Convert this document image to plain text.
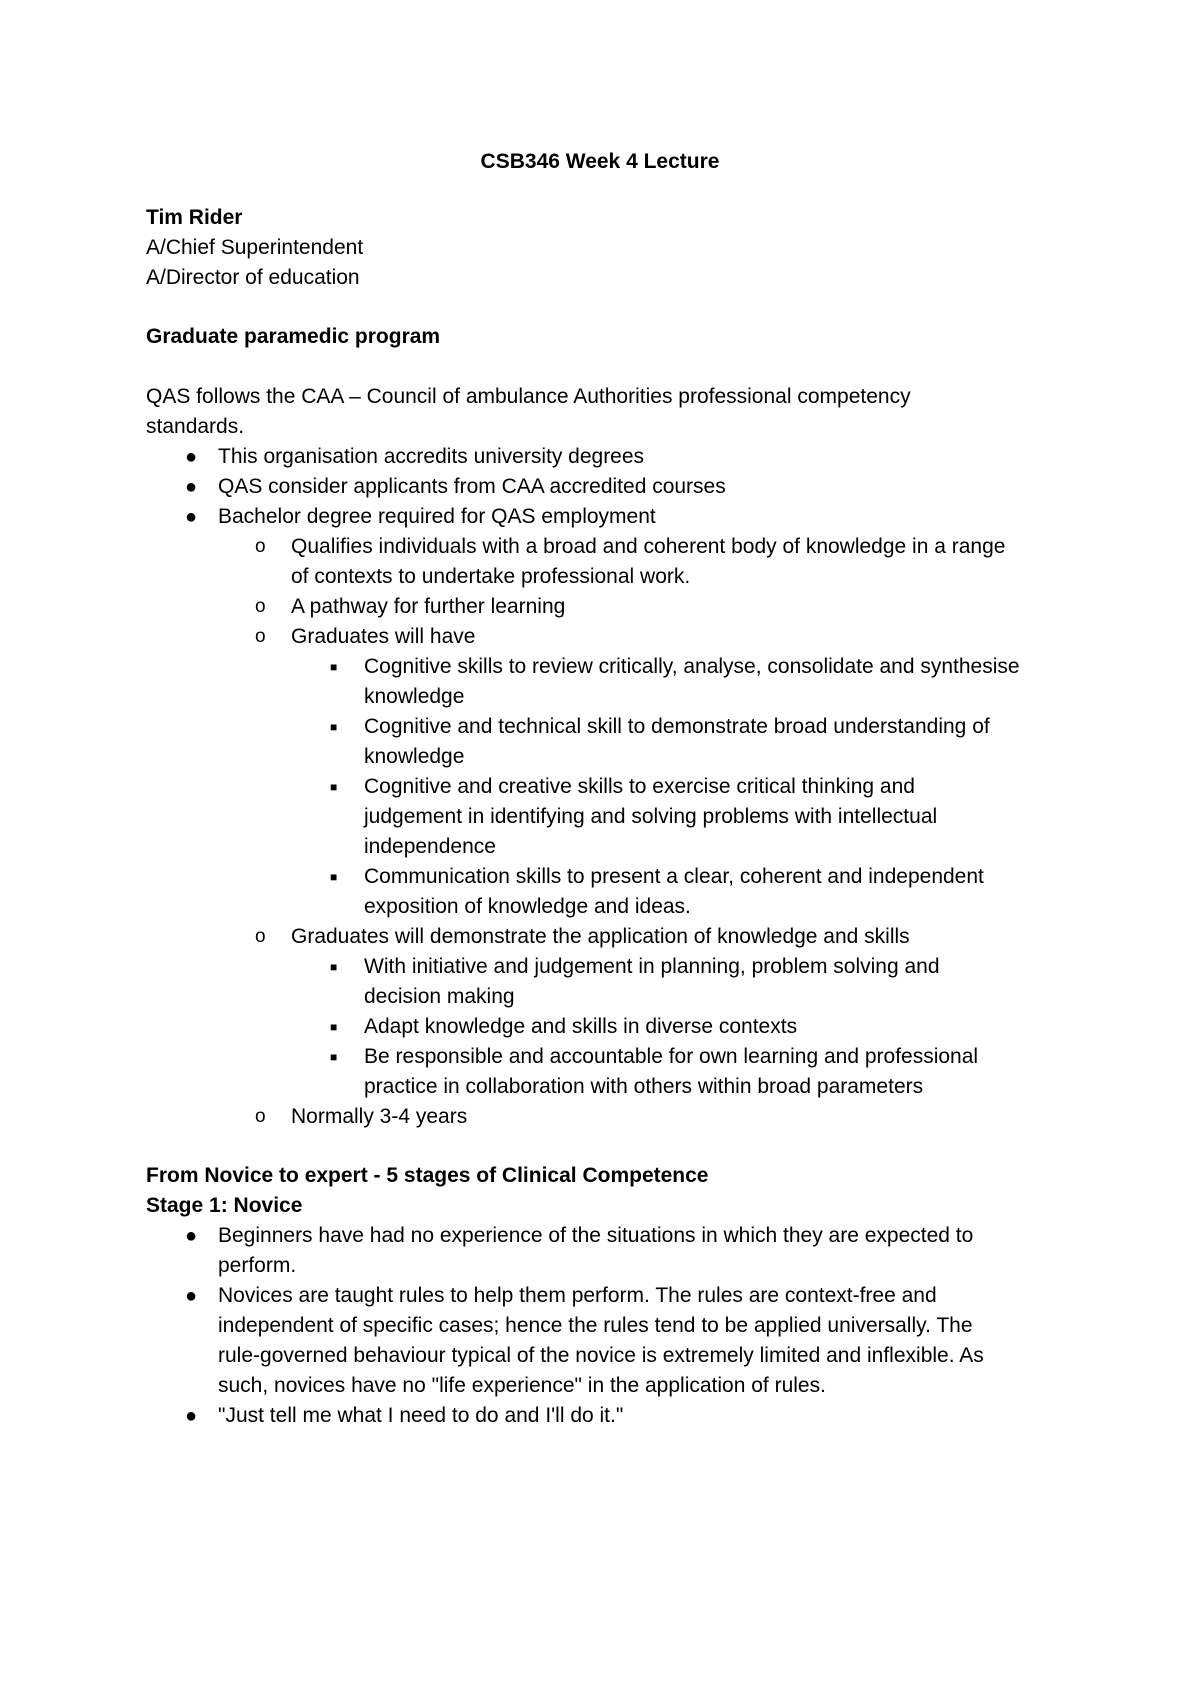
CSB346 Week 4 Lecture
Tim Rider
A/Chief Superintendent
A/Director of education
Graduate paramedic program
QAS follows the CAA – Council of ambulance Authorities professional competency
standards.
● This organisation accredits university degrees
● QAS consider applicants from CAA accredited courses
● Bachelor degree required for QAS employment
o Qualifies individuals with a broad and coherent body of knowledge in a range
of contexts to undertake professional work.
o A pathway for further learning
o Graduates will have
■ Cognitive skills to review critically, analyse, consolidate and synthesise
knowledge
■ Cognitive and technical skill to demonstrate broad understanding of
knowledge
■ Cognitive and creative skills to exercise critical thinking and
judgement in identifying and solving problems with intellectual
independence
■ Communication skills to present a clear, coherent and independent
exposition of knowledge and ideas.
o Graduates will demonstrate the application of knowledge and skills
■ With initiative and judgement in planning, problem solving and
decision making
■ Adapt knowledge and skills in diverse contexts
■ Be responsible and accountable for own learning and professional
practice in collaboration with others within broad parameters
o Normally 3-4 years
From Novice to expert - 5 stages of Clinical Competence
Stage 1: Novice
● Beginners have had no experience of the situations in which they are expected to
perform.
● Novices are taught rules to help them perform. The rules are context-free and
independent of specific cases; hence the rules tend to be applied universally. The
rule-governed behaviour typical of the novice is extremely limited and inflexible. As
such, novices have no "life experience" in the application of rules.
● "Just tell me what I need to do and I'll do it."
